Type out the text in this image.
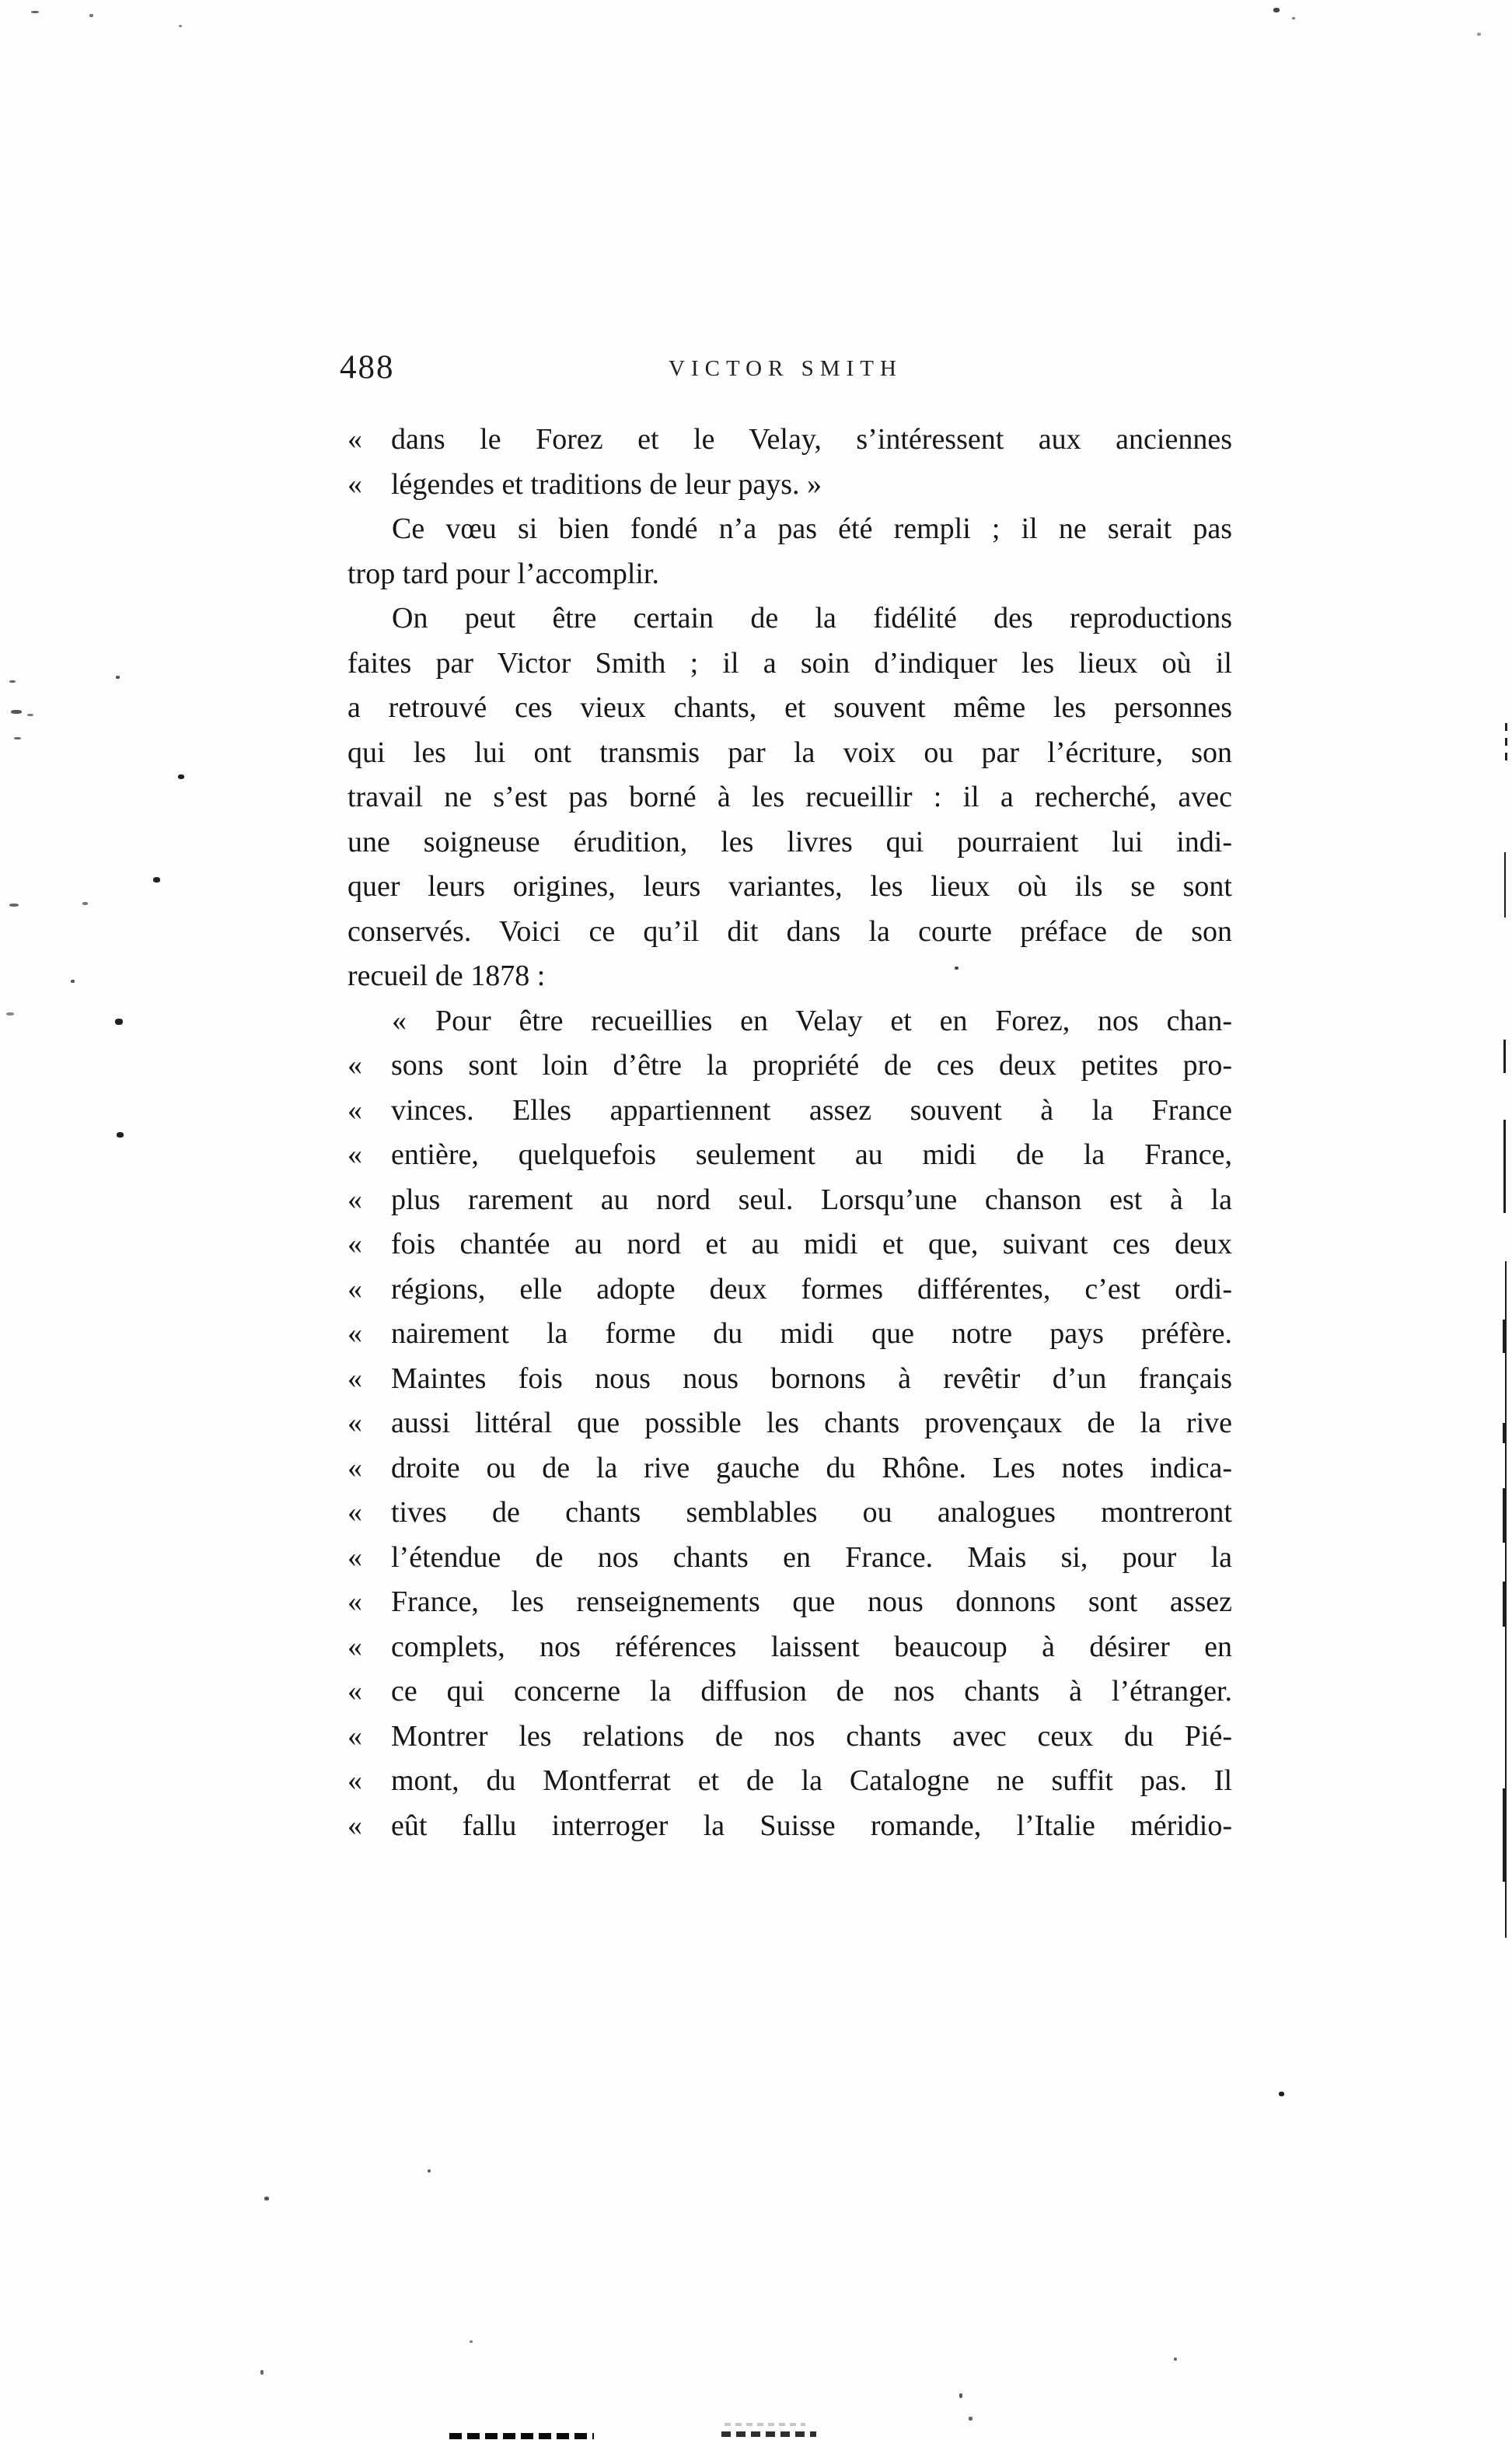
488	VICTOR SMITH
« dans le Forez et le Velay, s’intéressent aux anciennes
« légendes et traditions de leur pays. »
Ce vœu si bien fondé n’a pas été rempli ; il ne serait pas
trop tard pour l’accomplir.
On peut être certain de la fidélité des reproductions
faites par Victor Smith ; il a soin d’indiquer les lieux où il
a retrouvé ces vieux chants, et souvent même les personnes
qui les lui ont transmis par la voix ou par l’écriture, son
travail ne s’est pas borné à les recueillir : il a recherché, avec
une soigneuse érudition, les livres qui pourraient lui indi-
quer leurs origines, leurs variantes, les lieux où ils se sont
conservés. Voici ce qu’il dit dans la courte préface de son
recueil de 1878 :
« Pour être recueillies en Velay et en Forez, nos chan-
« sons sont loin d’être la propriété de ces deux petites pro-
« vinces. Elles appartiennent assez souvent à la France
« entière, quelquefois seulement au midi de la France,
« plus rarement au nord seul. Lorsqu’une chanson est à la
« fois chantée au nord et au midi et que, suivant ces deux
« régions, elle adopte deux formes différentes, c’est ordi-
« nairement la forme du midi que notre pays préfère.
« Maintes fois nous nous bornons à revêtir d’un français
« aussi littéral que possible les chants provençaux de la rive
« droite ou de la rive gauche du Rhône. Les notes indica-
« tives de chants semblables ou analogues montreront
« l’étendue de nos chants en France. Mais si, pour la
« France, les renseignements que nous donnons sont assez
« complets, nos références laissent beaucoup à désirer en
« ce qui concerne la diffusion de nos chants à l’étranger.
« Montrer les relations de nos chants avec ceux du Pié-
« mont, du Montferrat et de la Catalogne ne suffit pas. Il
« eût fallu interroger la Suisse romande, l’Italie méridio-
